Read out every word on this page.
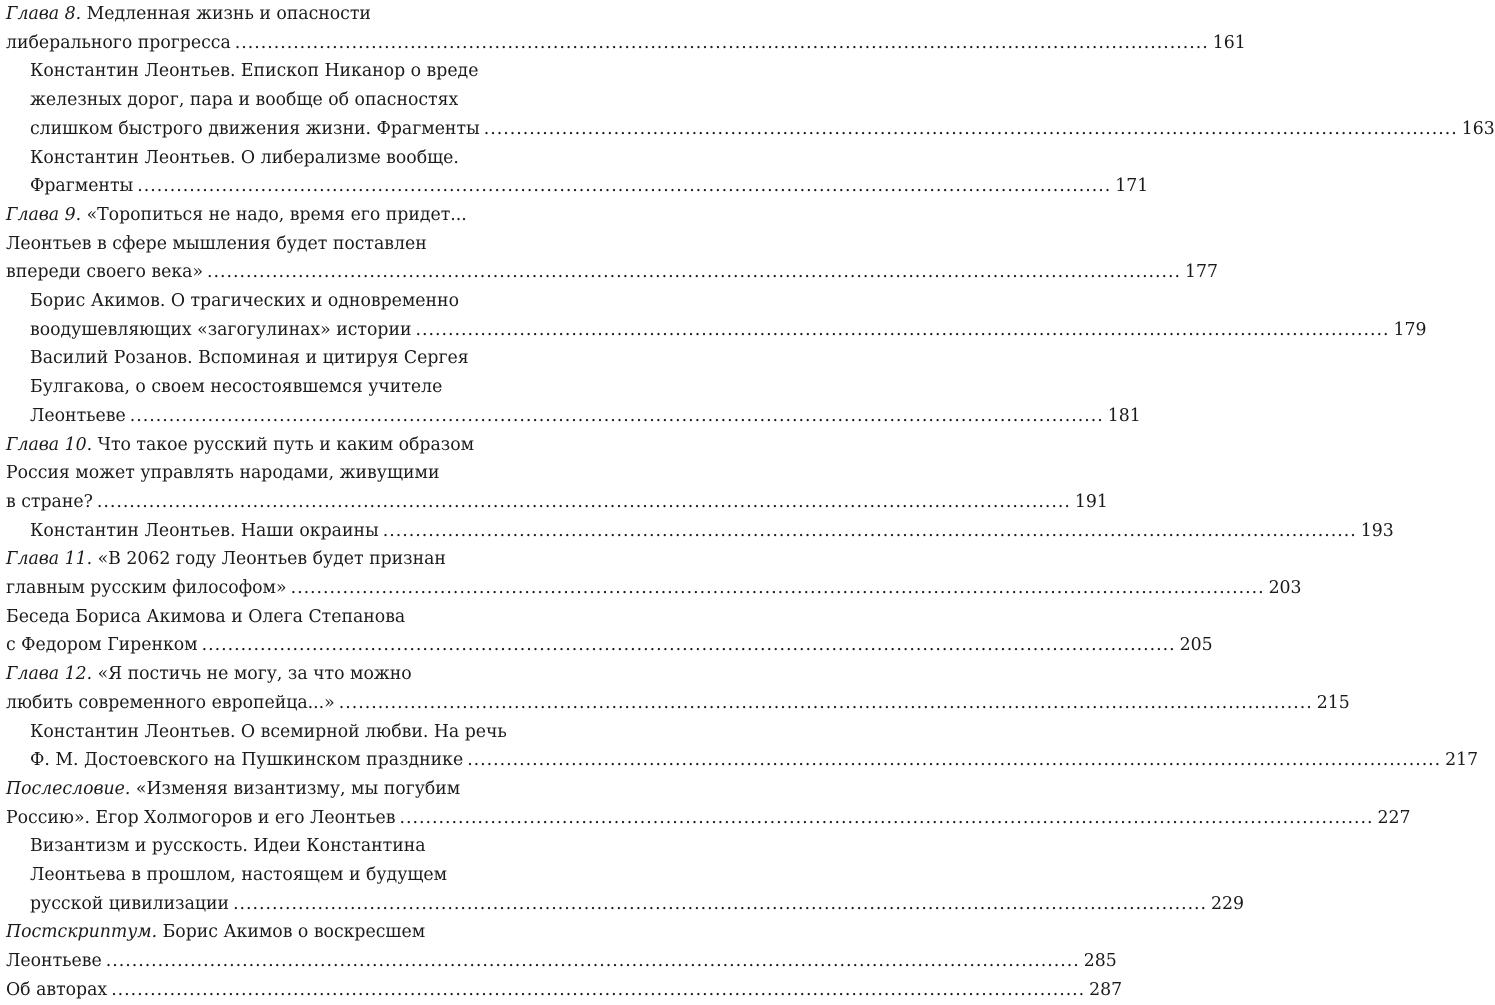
Глава 8. Медленная жизнь и опасности
либерального прогресса .....	161
Константин Леонтьев. Епископ Никанор о вреде
железных дорог, пара и вообще об опасностях
слишком быстрого движения жизни. Фрагменты .....	163
Константин Леонтьев. О либерализме вообще.
Фрагменты .....	171
Глава 9. «Торопиться не надо, время его придет...
Леонтьев в сфере мышления будет поставлен
впереди своего века» .....	177
Борис Акимов. О трагических и одновременно
воодушевляющих «загогулинах» истории .....	179
Василий Розанов. Вспоминая и цитируя Сергея
Булгакова, о своем несостоявшемся учителе
Леонтьеве .....	181
Глава 10. Что такое русский путь и каким образом
Россия может управлять народами, живущими
в стране? .....	191
Константин Леонтьев. Наши окраины .....	193
Глава 11. «В 2062 году Леонтьев будет признан
главным русским философом» .....	203
Беседа Бориса Акимова и Олега Степанова
с Федором Гиренком .....	205
Глава 12. «Я постичь не могу, за что можно
любить современного европейца...» .....	215
Константин Леонтьев. О всемирной любви. На речь
Ф. М. Достоевского на Пушкинском празднике .....	217
Послесловие. «Изменяя византизму, мы погубим
Россию». Егор Холмогоров и его Леонтьев .....	227
Византизм и русскость. Идеи Константина
Леонтьева в прошлом, настоящем и будущем
русской цивилизации .....	229
Постскриптум. Борис Акимов о воскресшем
Леонтьеве .....	285
Об авторах .....	287
